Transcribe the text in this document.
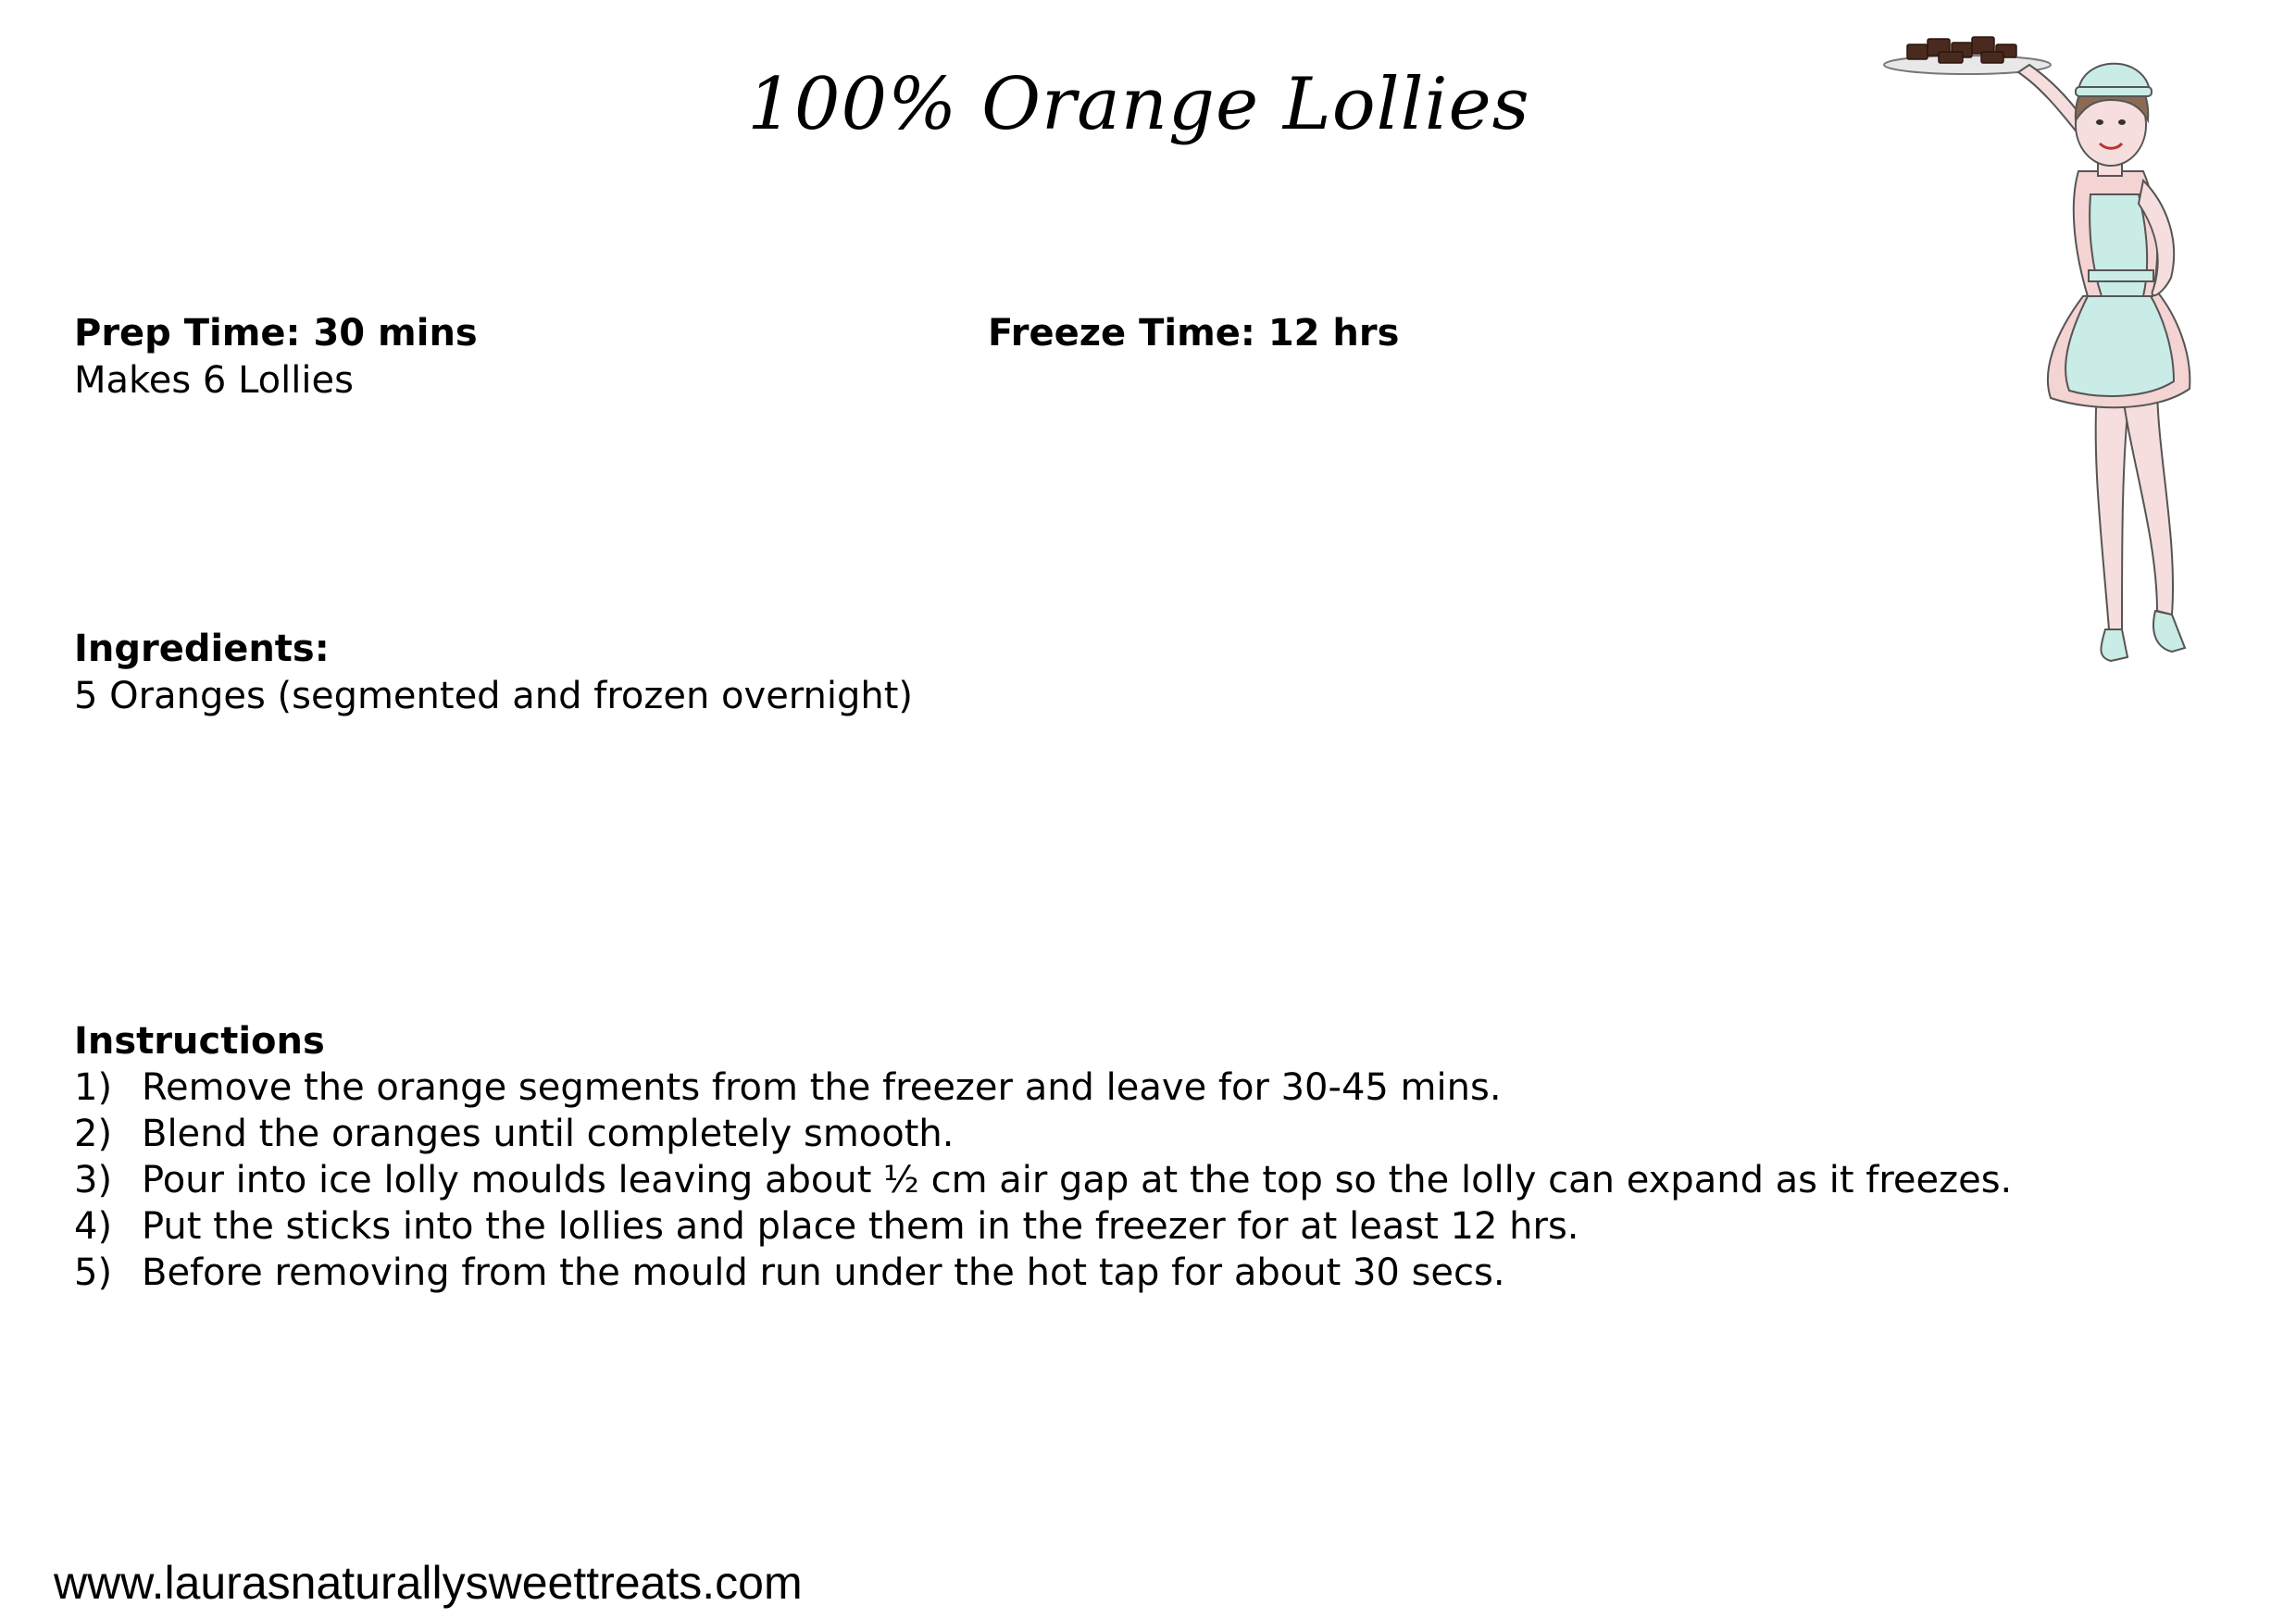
100% Orange Lollies
Prep Time: 30 mins
Makes 6 Lollies
Freeze Time: 12 hrs
Ingredients:
5 Oranges (segmented and frozen overnight)
Instructions
1) Remove the orange segments from the freezer and leave for 30-45 mins.
2) Blend the oranges until completely smooth.
3) Pour into ice lolly moulds leaving about ½ cm air gap at the top so the lolly can expand as it freezes.
4) Put the sticks into the lollies and place them in the freezer for at least 12 hrs.
5) Before removing from the mould run under the hot tap for about 30 secs.
www.laurasnaturallysweettreats.com
